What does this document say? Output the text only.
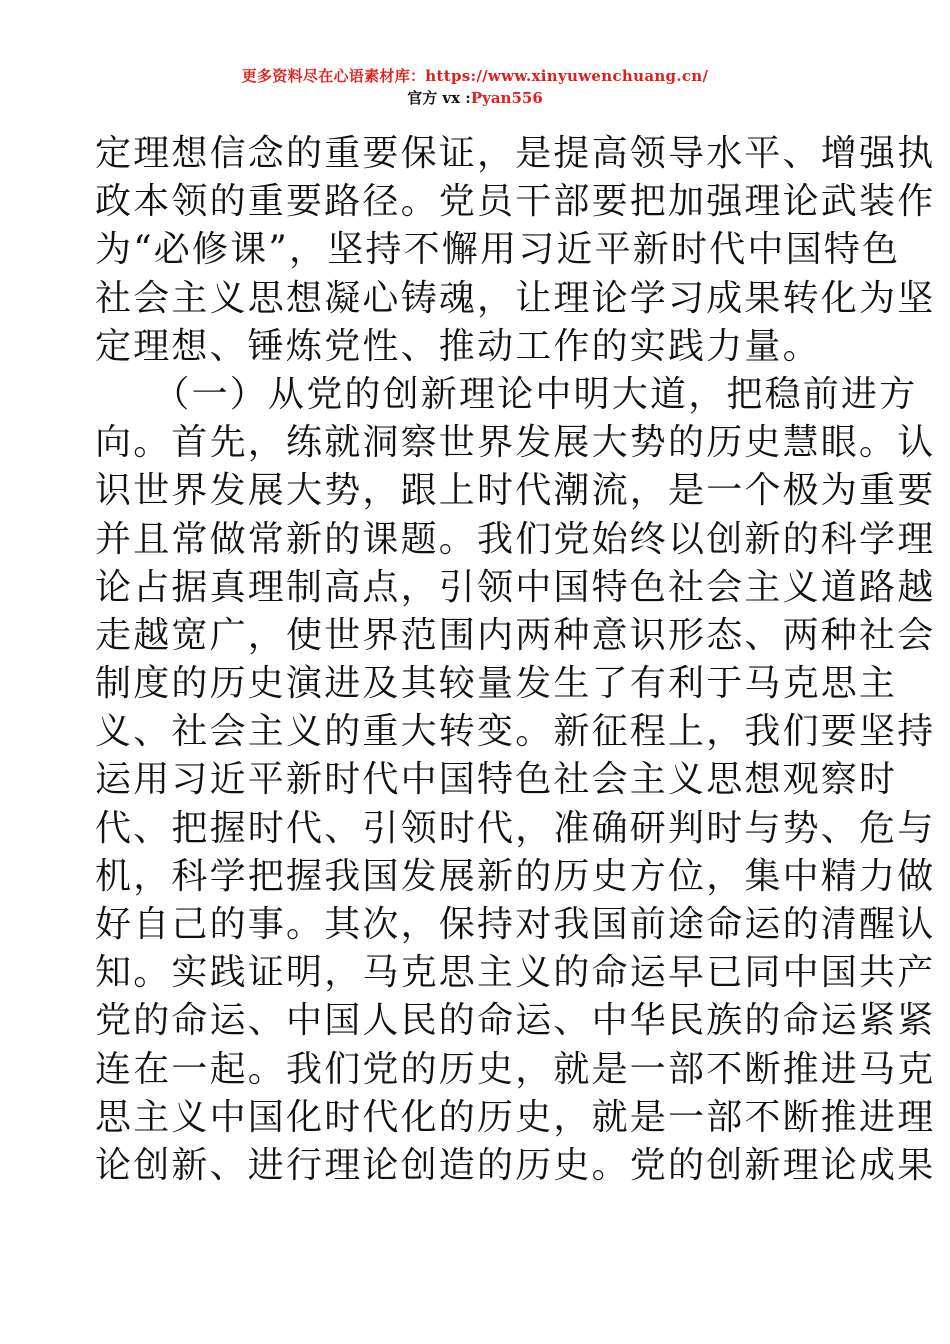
更多资料尽在心语素材库：https://www.xinyuwenchuang.cn/
官方 vx :Pyan556
定理想信念的重要保证，是提高领导水平、增强执
政本领的重要路径。党员干部要把加强理论武装作
为“必修课”，坚持不懈用习近平新时代中国特色
社会主义思想凝心铸魂，让理论学习成果转化为坚
定理想、锤炼党性、推动工作的实践力量。
　　（一）从党的创新理论中明大道，把稳前进方
向。首先，练就洞察世界发展大势的历史慧眼。认
识世界发展大势，跟上时代潮流，是一个极为重要
并且常做常新的课题。我们党始终以创新的科学理
论占据真理制高点，引领中国特色社会主义道路越
走越宽广，使世界范围内两种意识形态、两种社会
制度的历史演进及其较量发生了有利于马克思主
义、社会主义的重大转变。新征程上，我们要坚持
运用习近平新时代中国特色社会主义思想观察时
代、把握时代、引领时代，准确研判时与势、危与
机，科学把握我国发展新的历史方位，集中精力做
好自己的事。其次，保持对我国前途命运的清醒认
知。实践证明，马克思主义的命运早已同中国共产
党的命运、中国人民的命运、中华民族的命运紧紧
连在一起。我们党的历史，就是一部不断推进马克
思主义中国化时代化的历史，就是一部不断推进理
论创新、进行理论创造的历史。党的创新理论成果
